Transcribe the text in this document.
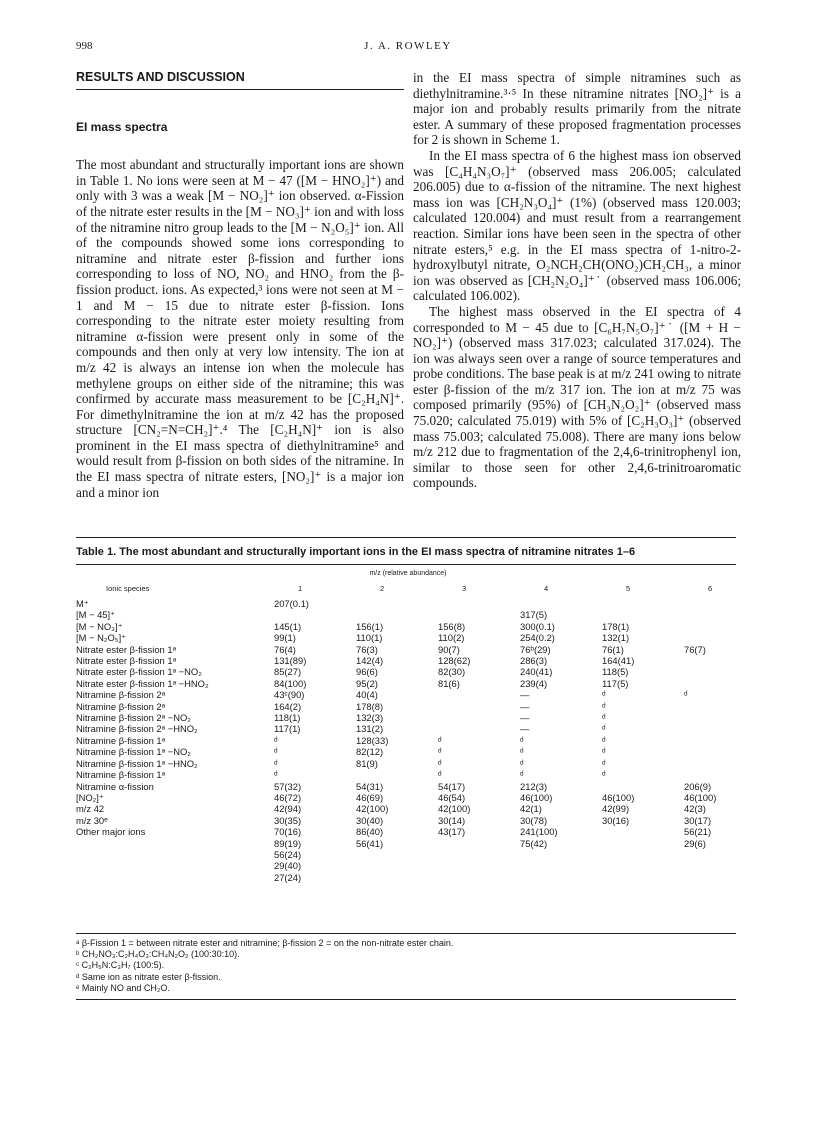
998	J. A. ROWLEY
RESULTS AND DISCUSSION
EI mass spectra

The most abundant and structurally important ions are shown in Table 1. No ions were seen at M − 47 ([M − HNO₂]⁺) and only with 3 was a weak [M − NO₂]⁺ ion observed. α-Fission of the nitrate ester results in the [M − NO₃]⁺ ion and with loss of the nitramine nitro group leads to the [M − N₂O₅]⁺ ion. All of the compounds showed some ions corresponding to nitramine and nitrate ester β-fission and further ions corresponding to loss of NO, NO₂ and HNO₂ from the β-fission product. ions. As expected,³ ions were not seen at M − 1 and M − 15 due to nitrate ester β-fission. Ions corresponding to the nitrate ester moiety resulting from nitramine α-fission were present only in some of the compounds and then only at very low intensity. The ion at m/z 42 is always an intense ion when the molecule has methylene groups on either side of the nitramine; this was confirmed by accurate mass measurement to be [C₂H₄N]⁺. For dimethylnitramine the ion at m/z 42 has the proposed structure [CN₂=N=CH₂]⁺.⁴ The [C₂H₄N]⁺ ion is also prominent in the EI mass spectra of diethylnitramine⁵ and would result from β-fission on both sides of the nitramine. In the EI mass spectra of nitrate esters, [NO₂]⁺ is a major ion and a minor ion

in the EI mass spectra of simple nitramines such as diethylnitramine.³·⁵ In these nitramine nitrates [NO₂]⁺ is a major ion and probably results primarily from the nitrate ester. A summary of these proposed fragmentation processes for 2 is shown in Scheme 1.

In the EI mass spectra of 6 the highest mass ion observed was [C₄H₄N₃O₇]⁺ (observed mass 206.005; calculated 206.005) due to α-fission of the nitramine. The next highest mass ion was [CH₂N₃O₄]⁺ (1%) (observed mass 120.003; calculated 120.004) and must result from a rearrangement reaction. Similar ions have been seen in the spectra of other nitrate esters,⁵ e.g. in the EI mass spectra of 1-nitro-2-hydroxylbutyl nitrate, O₂NCH₂CH(ONO₂)CH₂CH₃, a minor ion was observed as [CH₂N₂O₄]⁺˙ (observed mass 106.006; calculated 106.002).

The highest mass observed in the EI spectra of 4 corresponded to M − 45 due to [C₆H₇N₅O₇]⁺˙ ([M + H − NO₂]⁺) (observed mass 317.023; calculated 317.024). The ion was always seen over a range of source temperatures and probe conditions. The base peak is at m/z 241 owing to nitrate ester β-fission of the m/z 317 ion. The ion at m/z 75 was composed primarily (95%) of [CH₃N₂O₂]⁺ (observed mass 75.020; calculated 75.019) with 5% of [C₂H₃O₃]⁺ (observed mass 75.003; calculated 75.008). There are many ions below m/z 212 due to fragmentation of the 2,4,6-trinitrophenyl ion, similar to those seen for other 2,4,6-trinitroaromatic compounds.

Table 1. The most abundant and structurally important ions in the EI mass spectra of nitramine nitrates 1–6
m/z (relative abundance)
Ionic species	1	2	3	4	5	6
M⁺	207(0.1)					
[M − 45]⁺				317(5)		
[M − NO₃]⁺	145(1)	156(1)	156(8)	300(0.1)	178(1)	
[M − N₂O₅]⁺	99(1)	110(1)	110(2)	254(0.2)	132(1)	
Nitrate ester β-fission 1ᵃ	76(4)	76(3)	90(7)	76ᵇ(29)	76(1)	76(7)
Nitrate ester β-fission 1ᵃ	131(89)	142(4)	128(62)	286(3)	164(41)	
Nitrate ester β-fission 1ᵃ −NO₂	85(27)	96(6)	82(30)	240(41)	118(5)	
Nitrate ester β-fission 1ᵃ −HNO₂	84(100)	95(2)	81(6)	239(4)	117(5)	
Nitramine β-fission 2ᵃ	43ᶜ(90)	40(4)		—	ᵈ	ᵈ
Nitramine β-fission 2ᵃ	164(2)	178(8)		—	ᵈ	
Nitramine β-fission 2ᵃ −NO₂	118(1)	132(3)		—	ᵈ	
Nitramine β-fission 2ᵃ −HNO₂	117(1)	131(2)		—	ᵈ	
Nitramine β-fission 1ᵃ	ᵈ	128(33)	ᵈ	ᵈ	ᵈ	
Nitramine β-fission 1ᵃ −NO₂	ᵈ	82(12)	ᵈ	ᵈ	ᵈ	
Nitramine β-fission 1ᵃ −HNO₂	ᵈ	81(9)	ᵈ	ᵈ	ᵈ	
Nitramine β-fission 1ᵃ	ᵈ		ᵈ	ᵈ	ᵈ	
Nitramine α-fission	57(32)	54(31)	54(17)	212(3)		206(9)
[NO₂]⁺	46(72)	46(69)	46(54)	46(100)	46(100)	46(100)
m/z 42	42(94)	42(100)	42(100)	42(1)	42(99)	42(3)
m/z 30ᵉ	30(35)	30(40)	30(14)	30(78)	30(16)	30(17)
Other major ions	70(16)	86(40)	43(17)	241(100)		56(21)
	89(19)	56(41)		75(42)		29(6)
	56(24)					
	29(40)					
	27(24)					
ᵃ β-Fission 1 = between nitrate ester and nitramine; β-fission 2 = on the non-nitrate ester chain.
ᵇ CH₂NO₃:C₂H₄O₃:CH₄N₂O₂ (100:30:10).
ᶜ C₂H₅N:C₃H₇ (100:5).
ᵈ Same ion as nitrate ester β-fission.
ᵉ Mainly NO and CH₂O.
